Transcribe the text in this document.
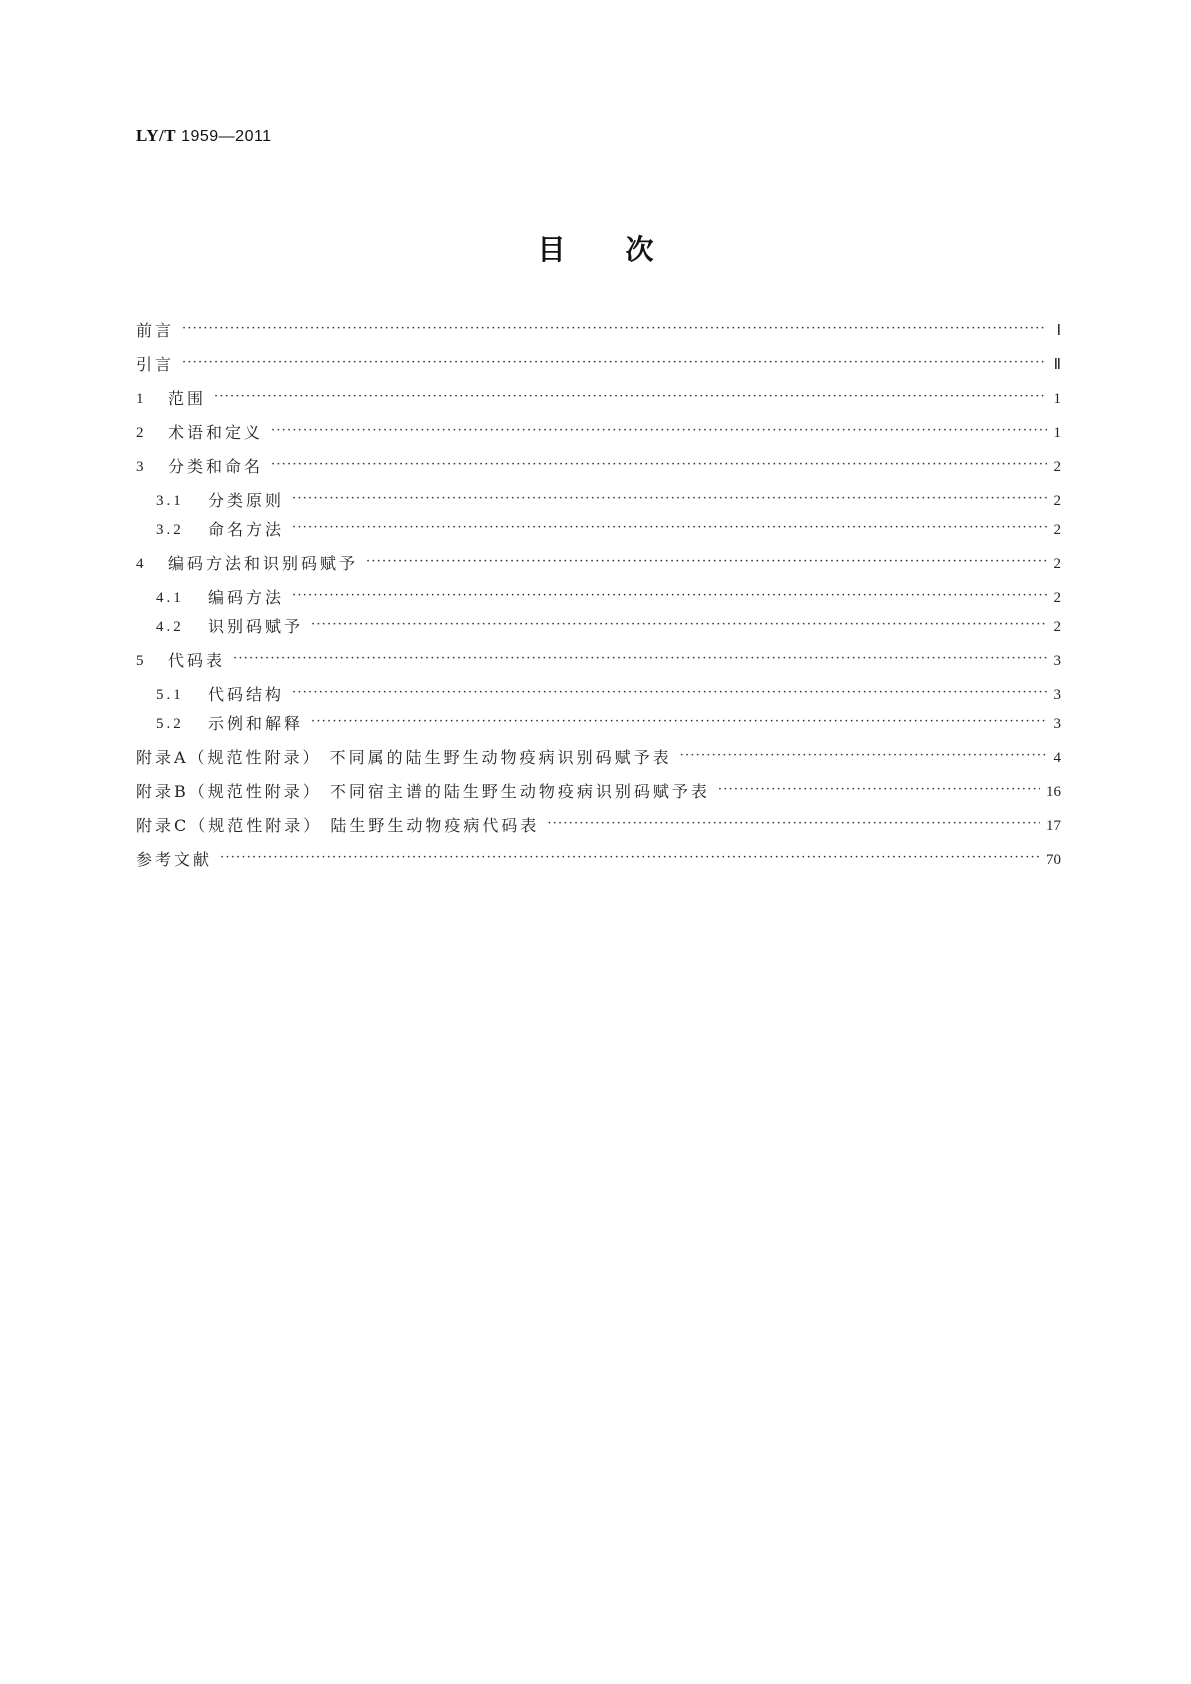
LY/T 1959—2011
目次
前言 ·····	Ⅰ
引言 ·····	Ⅱ
1	范围 ·····	1
2	术语和定义 ·····	1
3	分类和命名 ·····	2
3.1	分类原则 ·····	2
3.2	命名方法 ·····	2
4	编码方法和识别码赋予 ·····	2
4.1	编码方法 ·····	2
4.2	识别码赋予 ·····	2
5	代码表 ·····	3
5.1	代码结构 ·····	3
5.2	示例和解释 ·····	3
附录A（规范性附录） 不同属的陆生野生动物疫病识别码赋予表 ·····	4
附录B（规范性附录） 不同宿主谱的陆生野生动物疫病识别码赋予表 ·····	16
附录C（规范性附录） 陆生野生动物疫病代码表 ·····	17
参考文献 ·····	70
